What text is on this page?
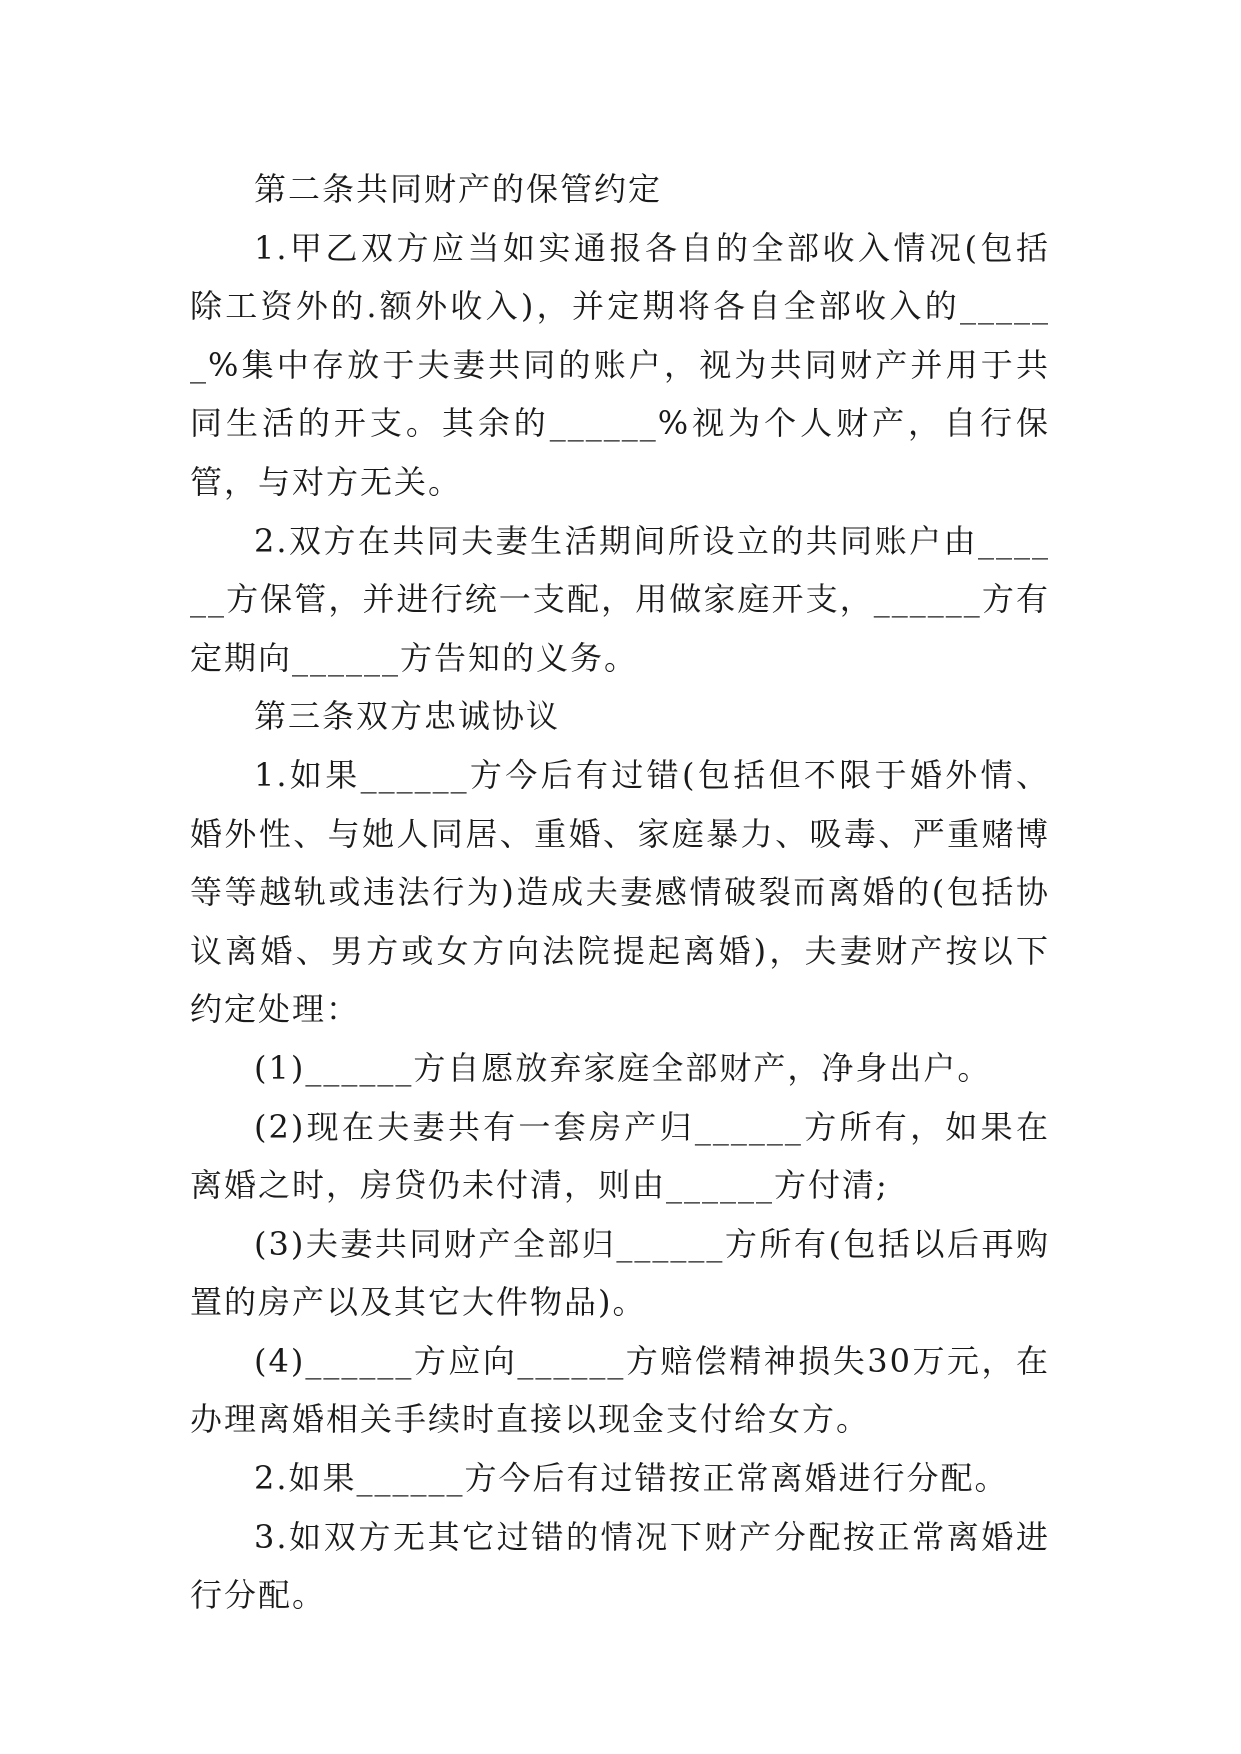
第二条共同财产的保管约定

1.甲乙双方应当如实通报各自的全部收入情况(包括除工资外的.额外收入)，并定期将各自全部收入的______%集中存放于夫妻共同的账户，视为共同财产并用于共同生活的开支。其余的______%视为个人财产，自行保管，与对方无关。

2.双方在共同夫妻生活期间所设立的共同账户由______方保管，并进行统一支配，用做家庭开支，______方有定期向______方告知的义务。

第三条双方忠诚协议

1.如果______方今后有过错(包括但不限于婚外情、婚外性、与她人同居、重婚、家庭暴力、吸毒、严重赌博等等越轨或违法行为)造成夫妻感情破裂而离婚的(包括协议离婚、男方或女方向法院提起离婚)，夫妻财产按以下约定处理：

(1)______方自愿放弃家庭全部财产，净身出户。

(2)现在夫妻共有一套房产归______方所有，如果在离婚之时，房贷仍未付清，则由______方付清;

(3)夫妻共同财产全部归______方所有(包括以后再购置的房产以及其它大件物品)。

(4)______方应向______方赔偿精神损失30万元，在办理离婚相关手续时直接以现金支付给女方。

2.如果______方今后有过错按正常离婚进行分配。

3.如双方无其它过错的情况下财产分配按正常离婚进行分配。
